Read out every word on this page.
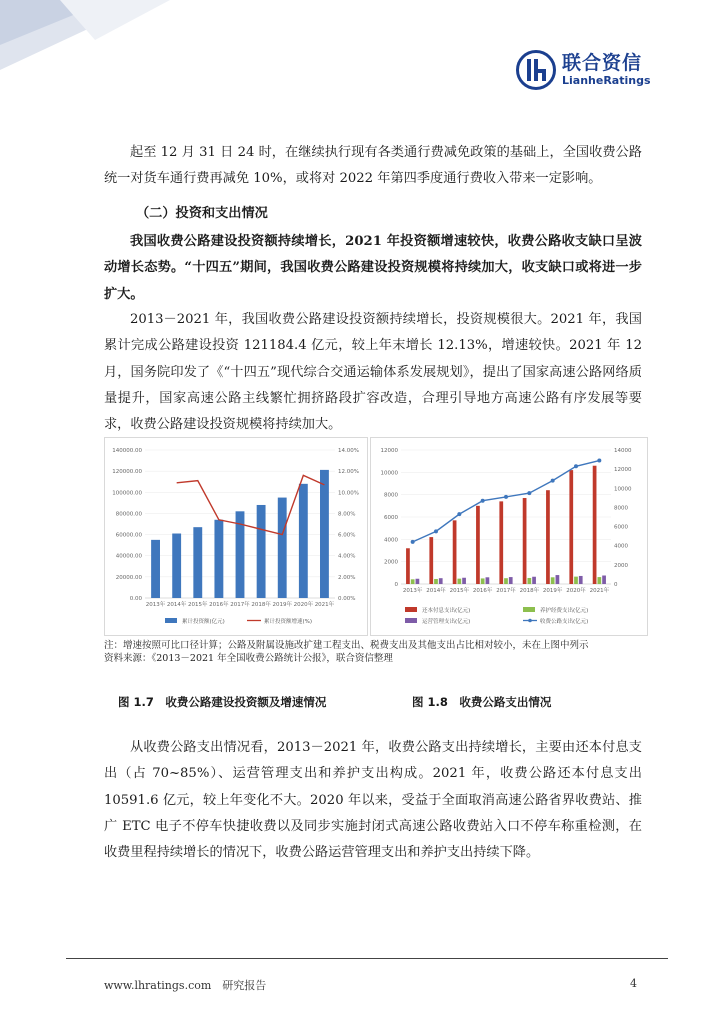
联合资信
LianheRatings

起至 12 月 31 日 24 时，在继续执行现有各类通行费减免政策的基础上，全国收费公路统一对货车通行费再减免 10%，或将对 2022 年第四季度通行费收入带来一定影响。

（二）投资和支出情况

我国收费公路建设投资额持续增长，2021 年投资额增速较快，收费公路收支缺口呈波动增长态势。“十四五”期间，我国收费公路建设投资规模将持续加大，收支缺口或将进一步扩大。

2013－2021 年，我国收费公路建设投资额持续增长，投资规模很大。2021 年，我国累计完成公路建设投资 121184.4 亿元，较上年末增长 12.13%，增速较快。2021 年 12 月，国务院印发了《“十四五”现代综合交通运输体系发展规划》，提出了国家高速公路网络质量提升，国家高速公路主线繁忙拥挤路段扩容改造，合理引导地方高速公路有序发展等要求，收费公路建设投资规模将持续加大。

0.00
20000.00
40000.00
60000.00
80000.00
100000.00
120000.00
140000.00
0.00%
2.00%
4.00%
6.00%
8.00%
10.00%
12.00%
14.00%
2013年 2014年 2015年 2016年 2017年 2018年 2019年 2020年 2021年
累计投资额(亿元)	累计投资额增速(%)
0
2000
4000
6000
8000
10000
12000
0
2000
4000
6000
8000
10000
12000
14000
2013年 2014年 2015年 2016年 2017年 2018年 2019年 2020年 2021年
还本付息支出(亿元)	养护经费支出(亿元)
运营管理支出(亿元)	收费公路支出(亿元)
注：增速按照可比口径计算；公路及附属设施改扩建工程支出、税费支出及其他支出占比相对较小，未在上图中列示
资料来源：《2013－2021 年全国收费公路统计公报》，联合资信整理
图 1.7　收费公路建设投资额及增速情况	图 1.8　收费公路支出情况

从收费公路支出情况看，2013－2021 年，收费公路支出持续增长，主要由还本付息支出（占 70~85%）、运营管理支出和养护支出构成。2021 年，收费公路还本付息支出 10591.6 亿元，较上年变化不大。2020 年以来，受益于全面取消高速公路省界收费站、推广 ETC 电子不停车快捷收费以及同步实施封闭式高速公路收费站入口不停车称重检测，在收费里程持续增长的情况下，收费公路运营管理支出和养护支出持续下降。

www.lhratings.com　研究报告	4
